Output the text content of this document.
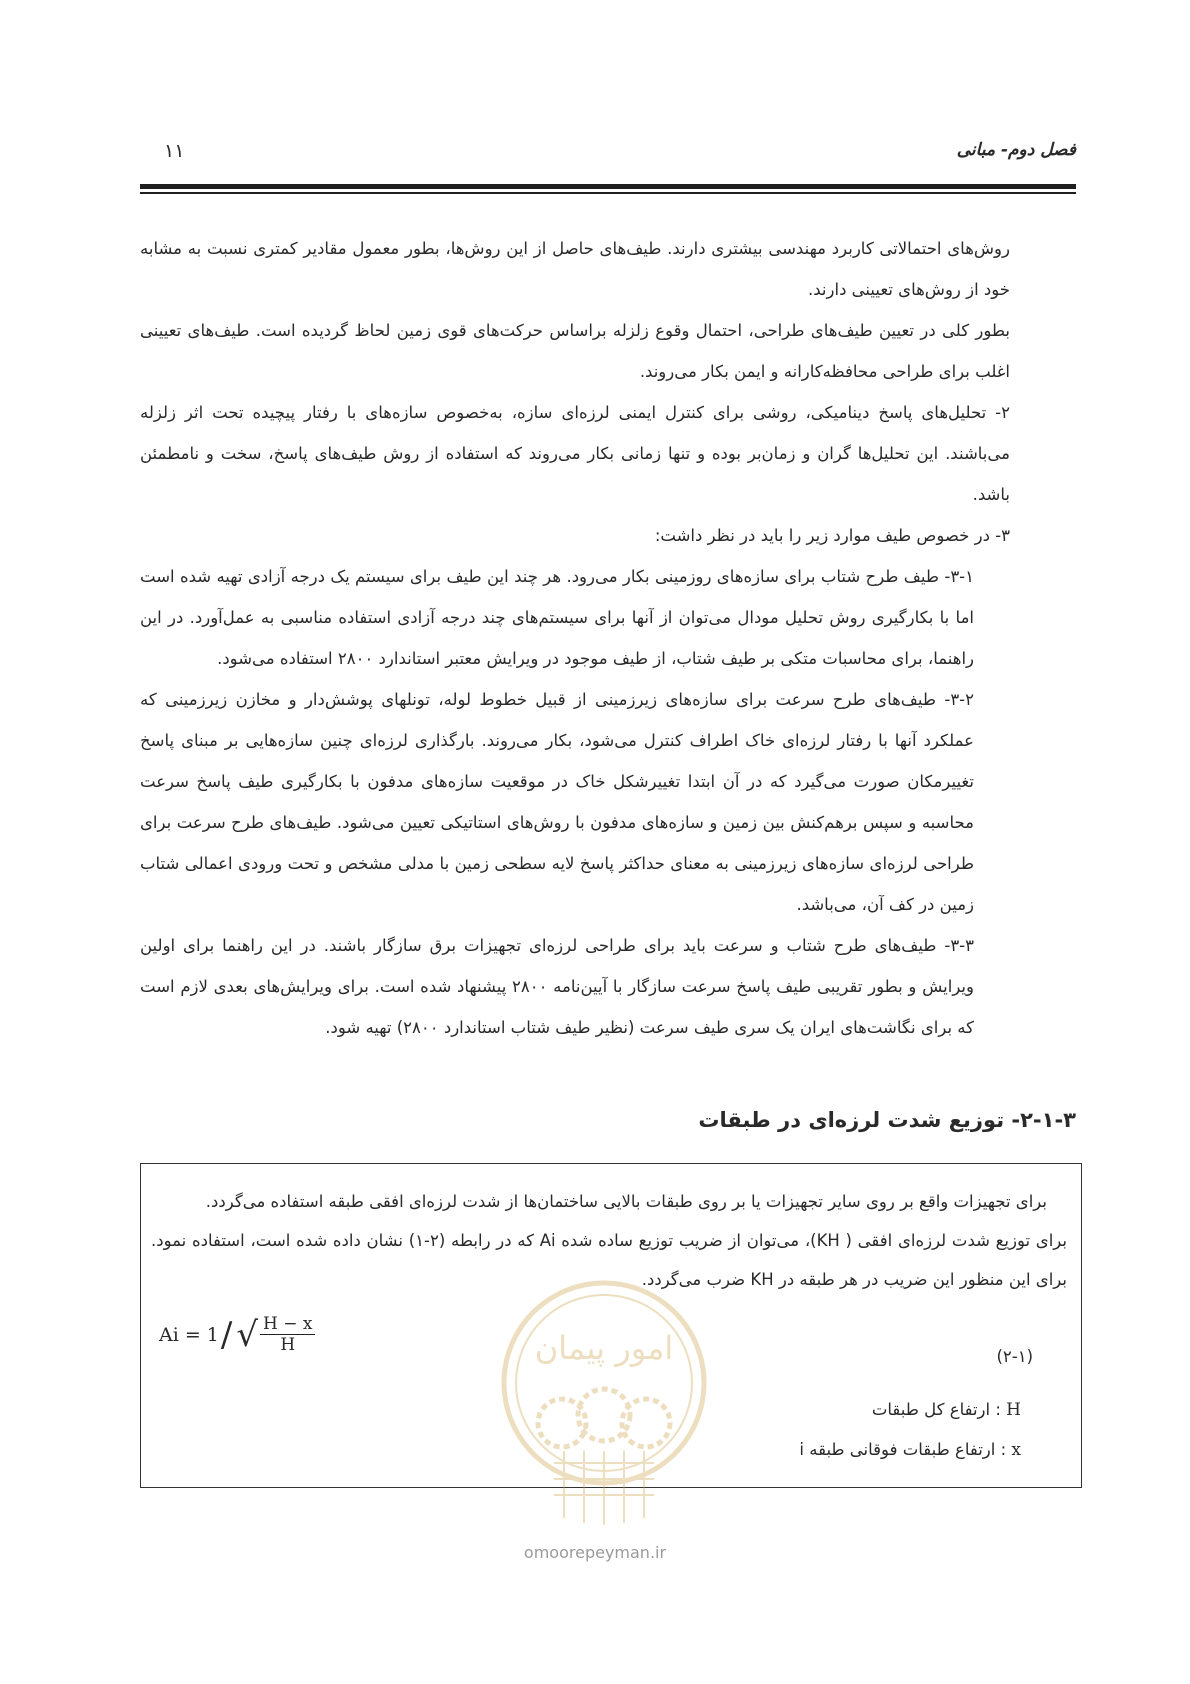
۱۱	فصل دوم- مبانی

روش‌های احتمالاتی کاربرد مهندسی بیشتری دارند. طیف‌های حاصل از این روش‌ها، بطور معمول مقادیر کمتری نسبت به مشابه خود از روش‌های تعیینی دارند.

بطور کلی در تعیین طیف‌های طراحی، احتمال وقوع زلزله براساس حرکت‌های قوی زمین لحاظ گردیده است. طیف‌های تعیینی اغلب برای طراحی محافظه‌کارانه و ایمن بکار می‌روند.

۲- تحلیل‌های پاسخ دینامیکی، روشی برای کنترل ایمنی لرزه‌ای سازه، به‌خصوص سازه‌های با رفتار پیچیده تحت اثر زلزله می‌باشند. این تحلیل‌ها گران و زمان‌بر بوده و تنها زمانی بکار می‌روند که استفاده از روش طیف‌های پاسخ، سخت و نامطمئن باشد.

۳- در خصوص طیف موارد زیر را باید در نظر داشت:

۳-۱- طیف طرح شتاب برای سازه‌های روزمینی بکار می‌رود. هر چند این طیف برای سیستم یک درجه آزادی تهیه شده است اما با بکارگیری روش تحلیل مودال می‌توان از آنها برای سیستم‌های چند درجه آزادی استفاده مناسبی به عمل‌آورد. در این راهنما، برای محاسبات متکی بر طیف شتاب، از طیف موجود در ویرایش معتبر استاندارد ۲۸۰۰ استفاده می‌شود.

۳-۲- طیف‌های طرح سرعت برای سازه‌های زیرزمینی از قبیل خطوط لوله، تونلهای پوشش‌دار و مخازن زیرزمینی که عملکرد آنها با رفتار لرزه‌ای خاک اطراف کنترل می‌شود، بکار می‌روند. بارگذاری لرزه‌ای چنین سازه‌هایی بر مبنای پاسخ تغییرمکان صورت می‌گیرد که در آن ابتدا تغییرشکل خاک در موقعیت سازه‌های مدفون با بکارگیری طیف پاسخ سرعت محاسبه و سپس برهم‌کنش بین زمین و سازه‌های مدفون با روش‌های استاتیکی تعیین می‌شود. طیف‌های طرح سرعت برای طراحی لرزه‌ای سازه‌های زیرزمینی به معنای حداکثر پاسخ لایه سطحی زمین با مدلی مشخص و تحت ورودی اعمالی شتاب زمین در کف آن، می‌باشد.

۳-۳- طیف‌های طرح شتاب و سرعت باید برای طراحی لرزه‌ای تجهیزات برق سازگار باشند. در این راهنما برای اولین ویرایش و بطور تقریبی طیف پاسخ سرعت سازگار با آیین‌نامه ۲۸۰۰ پیشنهاد شده است. برای ویرایش‌های بعدی لازم است که برای نگاشت‌های ایران یک سری طیف سرعت (نظیر طیف شتاب استاندارد ۲۸۰۰) تهیه شود.

۲-۱-۳- توزیع شدت لرزه‌ای در طبقات

برای تجهیزات واقع بر روی سایر تجهیزات یا بر روی طبقات بالایی ساختمان‌ها از شدت لرزه‌ای افقی طبقه استفاده می‌گردد.

برای توزیع شدت لرزه‌ای افقی ( KH)، می‌توان از ضریب توزیع ساده شده Ai که در رابطه (۲-۱) نشان داده شده است، استفاده نمود. برای این منظور این ضریب در هر طبقه در KH ضرب می‌گردد.

Ai = 1 / √ $\frac{H - x}{H}$
(۲-۱)
H : ارتفاع کل طبقات
x : ارتفاع طبقات فوقانی طبقه i
امور پیمان
omoorepeyman.ir
